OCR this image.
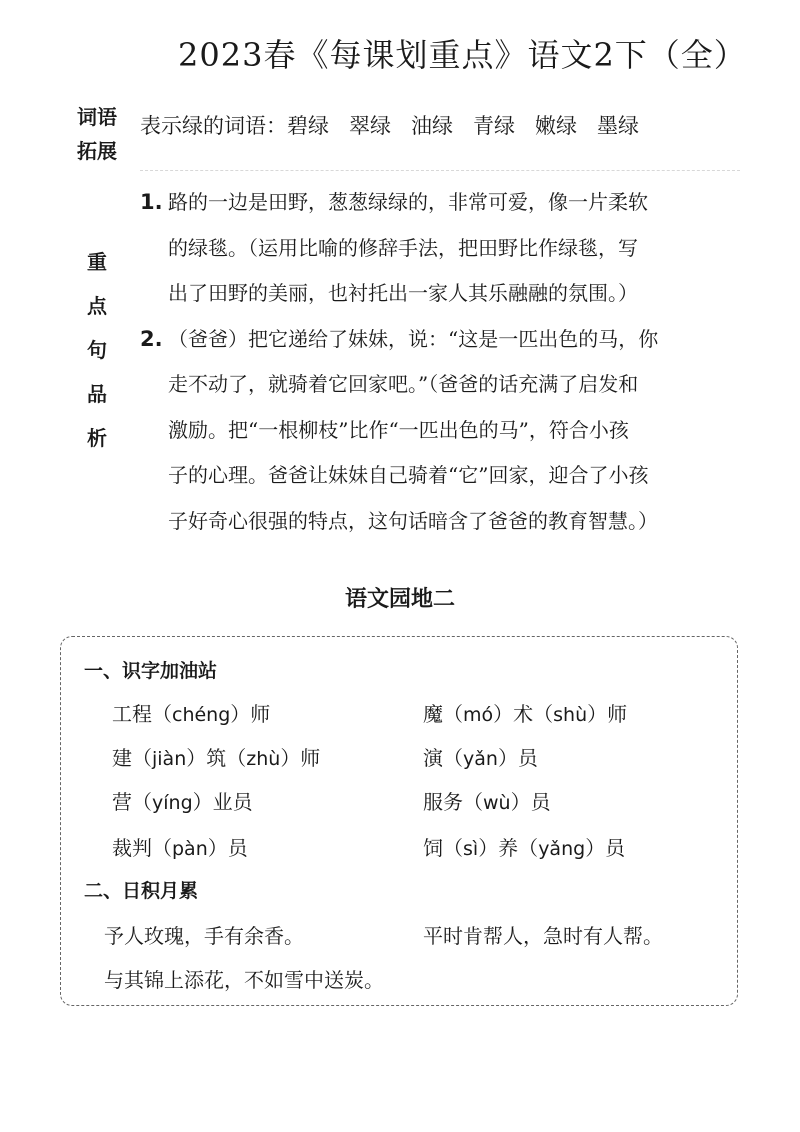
2023春《每课划重点》语文2下（全）
词语
拓展
表示绿的词语：碧绿 翠绿 油绿 青绿 嫩绿 墨绿
重
点
句
品
析
1. 路的一边是田野，葱葱绿绿的，非常可爱，像一片柔软

的绿毯。（运用比喻的修辞手法，把田野比作绿毯，写

出了田野的美丽，也衬托出一家人其乐融融的氛围。）

2. （爸爸）把它递给了妹妹，说：“这是一匹出色的马，你

走不动了，就骑着它回家吧。”（爸爸的话充满了启发和

激励。把“一根柳枝”比作“一匹出色的马”，符合小孩

子的心理。爸爸让妹妹自己骑着“它”回家，迎合了小孩

子好奇心很强的特点，这句话暗含了爸爸的教育智慧。）

语文园地二
一、识字加油站
工程（chéng）师	魔（mó）术（shù）师
建（jiàn）筑（zhù）师	演（yǎn）员
营（yíng）业员	服务（wù）员
裁判（pàn）员	饲（sì）养（yǎng）员
二、日积月累
予人玫瑰，手有余香。	平时肯帮人，急时有人帮。
与其锦上添花，不如雪中送炭。
